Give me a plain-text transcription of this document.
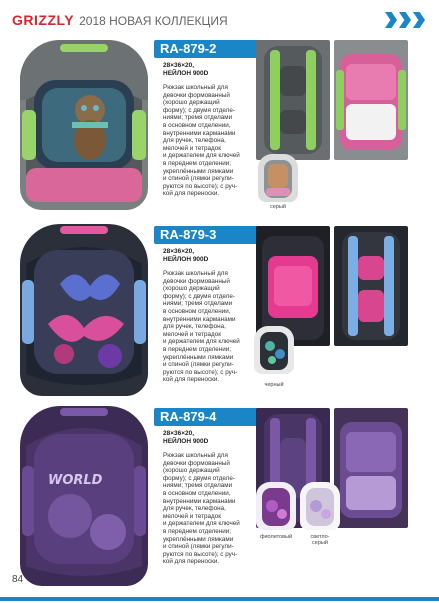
GRIZZLY 2018 НОВАЯ КОЛЛЕКЦИЯ
RA-879-2
28×36×20,
НЕЙЛОН 900D

Рюкзак школьный для
девочки формованный
(хорошо держащий
форму); с двумя отделе-
ниями; тремя отделами
в основном отделении,
внутренними карманами
для ручек, телефона,
мелочей и тетрадок
и держателем для ключей
в переднем отделении;
укреплёнными лямками
и спиной (лямки регули-
руются по высоте); с руч-
кой для переноски.

серый
RA-879-3
28×36×20,
НЕЙЛОН 900D

Рюкзак школьный для
девочки формованный
(хорошо держащий
форму); с двумя отделе-
ниями; тремя отделами
в основном отделении,
внутренними карманами
для ручек, телефона,
мелочей и тетрадок
и держателем для ключей
в переднем отделении;
укреплёнными лямками
и спиной (лямки регули-
руются по высоте); с руч-
кой для переноски.

черный
WORLD
RA-879-4
28×36×20,
НЕЙЛОН 900D

Рюкзак школьный для
девочки формованный
(хорошо держащий
форму); с двумя отделе-
ниями; тремя отделами
в основном отделении,
внутренними карманами
для ручек, телефона,
мелочей и тетрадок
и держателем для ключей
в переднем отделении;
укреплёнными лямками
и спиной (лямки регули-
руются по высоте); с руч-
кой для переноски.

фиолетовый	светло-
серый
84
